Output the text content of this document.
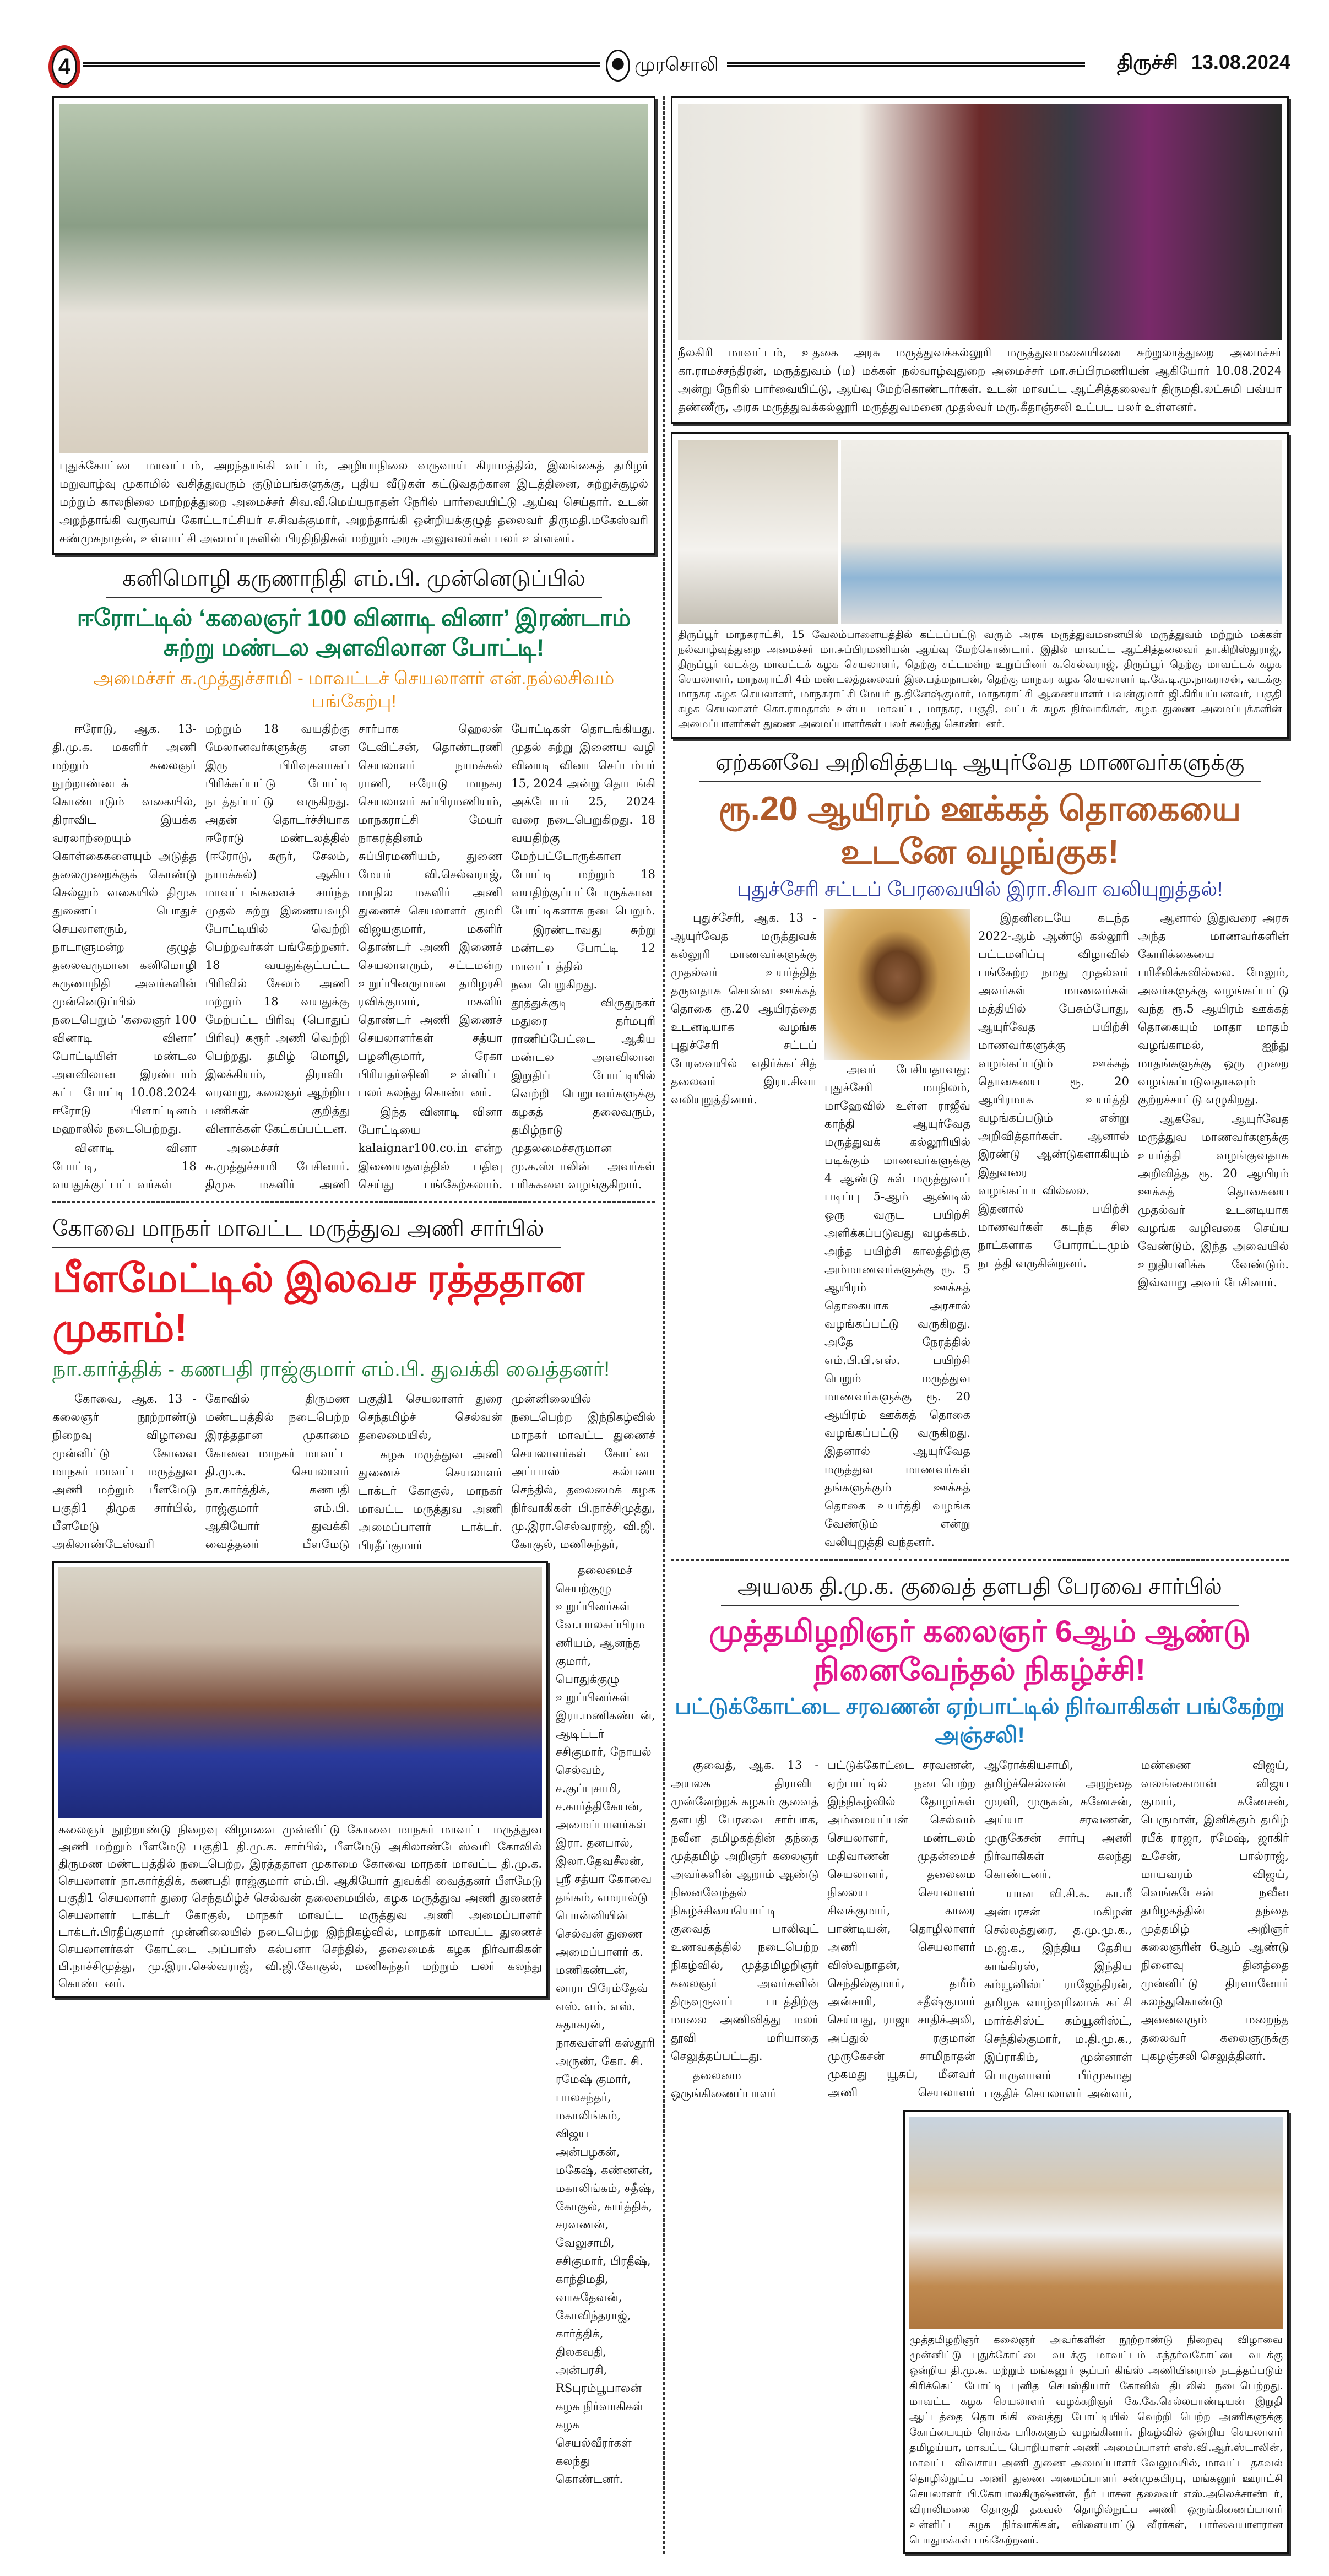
4	முரசொலி	திருச்சி 13.08.2024
புதுக்கோட்டை மாவட்டம், அறந்தாங்கி வட்டம், அழியாநிலை வருவாய் கிராமத்தில், இலங்கைத் தமிழர் மறுவாழ்வு முகாமில் வசித்துவரும் குடும்பங்களுக்கு, புதிய வீடுகள் கட்டுவதற்கான இடத்தினை, சுற்றுச்சூழல் மற்றும் காலநிலை மாற்றத்துறை அமைச்சர் சிவ.வீ.மெய்யநாதன் நேரில் பார்வையிட்டு ஆய்வு செய்தார். உடன் அறந்தாங்கி வருவாய் கோட்டாட்சியர் ச.சிவக்குமார், அறந்தாங்கி ஒன்றியக்குழுத் தலைவர் திருமதி.மகேஸ்வரி சண்முகநாதன், உள்ளாட்சி அமைப்புகளின் பிரதிநிதிகள் மற்றும் அரசு அலுவலர்கள் பலர் உள்ளனர்.
கனிமொழி கருணாநிதி எம்.பி. முன்னெடுப்பில்
ஈரோட்டில் ‘கலைஞர் 100 வினாடி வினா’ இரண்டாம் சுற்று மண்டல அளவிலான போட்டி!
அமைச்சர் சு.முத்துச்சாமி - மாவட்டச் செயலாளர் என்.நல்லசிவம் பங்கேற்பு!

ஈரோடு, ஆக. 13- தி.மு.க. மகளிர் அணி மற்றும் கலைஞர் நூற்றாண்டைக் கொண்டாடும் வகையில், திராவிட இயக்க வரலாற்றையும் கொள்கைகளையும் அடுத்த தலைமுறைக்குக் கொண்டு செல்லும் வகையில் திமுக துணைப் பொதுச் செயலாளரும், நாடாளுமன்ற குழுத் தலைவருமான கனிமொழி கருணாநிதி அவர்களின் முன்னெடுப்பில் நடைபெறும் ‘கலைஞர் 100 வினாடி வினா’ போட்டியின் மண்டல அளவிலான இரண்டாம் கட்ட போட்டி 10.08.2024 ஈரோடு பிளாட்டினம் மஹாலில் நடைபெற்றது.

வினாடி வினா போட்டி, 18 வயதுக்குட்பட்டவர்கள் மற்றும் 18 வயதிற்கு மேலானவர்களுக்கு என இரு பிரிவுகளாகப் பிரிக்கப்பட்டு போட்டி நடத்தப்பட்டு வருகிறது. அதன் தொடர்ச்சியாக ஈரோடு மண்டலத்தில் (ஈரோடு, கரூர், சேலம், நாமக்கல்) ஆகிய மாவட்டங்களைச் சார்ந்த முதல் சுற்று இணையவழி போட்டியில் வெற்றி பெற்றவர்கள் பங்கேற்றனர். 18 வயதுக்குட்பட்ட பிரிவில் சேலம் அணி மற்றும் 18 வயதுக்கு மேற்பட்ட பிரிவு (பொதுப் பிரிவு) கரூர் அணி வெற்றி பெற்றது. தமிழ் மொழி, இலக்கியம், திராவிட வரலாறு, கலைஞர் ஆற்றிய பணிகள் குறித்து வினாக்கள் கேட்கப்பட்டன.

அமைச்சர் சு.முத்துச்சாமி பேசினார். திமுக மகளிர் அணி சார்பாக ஹெலன் டேவிட்சன், தொண்டரணி செயலாளர் நாமக்கல் ராணி, ஈரோடு மாநகர செயலாளர் சுப்பிரமணியம், மாநகராட்சி மேயர் நாகரத்தினம் சுப்பிரமணியம், துணை மேயர் வி.செல்வராஜ், மாநில மகளிர் அணி துணைச் செயலாளர் குமரி விஜயகுமார், மகளிர் தொண்டர் அணி இணைச் செயலாளரும், சட்டமன்ற உறுப்பினருமான தமிழரசி ரவிக்குமார், மகளிர் தொண்டர் அணி இணைச் செயலாளர்கள் சத்யா பழனிகுமார், ரேகா பிரியதர்ஷினி உள்ளிட்ட பலர் கலந்து கொண்டனர்.

இந்த வினாடி வினா போட்டியை kalaignar100.co.in என்ற இணையதளத்தில் பதிவு செய்து பங்கேற்கலாம். போட்டிகள் தொடங்கியது. முதல் சுற்று இணைய வழி வினாடி வினா செப்டம்பர் 15, 2024 அன்று தொடங்கி அக்டோபர் 25, 2024 வரை நடைபெறுகிறது. 18 வயதிற்கு மேற்பட்டோருக்கான போட்டி மற்றும் 18 வயதிற்குப்பட்டோருக்கான போட்டிகளாக நடைபெறும்.

இரண்டாவது சுற்று மண்டல போட்டி 12 மாவட்டத்தில் நடைபெறுகிறது. தூத்துக்குடி விருதுநகர் மதுரை தர்மபுரி ராணிப்பேட்டை ஆகிய மண்டல அளவிலான இறுதிப் போட்டியில் வெற்றி பெறுபவர்களுக்கு கழகத் தலைவரும், தமிழ்நாடு முதலமைச்சருமான மு.க.ஸ்டாலின் அவர்கள் பரிசுகளை வழங்குகிறார்.

கோவை மாநகர் மாவட்ட மருத்துவ அணி சார்பில்
பீளமேட்டில் இலவச ரத்ததான முகாம்!
நா.கார்த்திக் - கணபதி ராஜ்குமார் எம்.பி. துவக்கி வைத்தனர்!

கோவை, ஆக. 13 - கலைஞர் நூற்றாண்டு நிறைவு விழாவை முன்னிட்டு கோவை மாநகர் மாவட்ட மருத்துவ அணி மற்றும் பீளமேடு பகுதி1 திமுக சார்பில், பீளமேடு அகிலாண்டேஸ்வரி கோவில் திருமண மண்டபத்தில் நடைபெற்ற இரத்ததான முகாமை கோவை மாநகர் மாவட்ட தி.மு.க. செயலாளர் நா.கார்த்திக், கணபதி ராஜ்குமார் எம்.பி. ஆகியோர் துவக்கி வைத்தனர் பீளமேடு பகுதி1 செயலாளர் துரை செந்தமிழ்ச் செல்வன் தலைமையில்,

கழக மருத்துவ அணி துணைச் செயலாளர் டாக்டர் கோகுல், மாநகர் மாவட்ட மருத்துவ அணி அமைப்பாளர் டாக்டர். பிரதீப்குமார் முன்னிலையில் நடைபெற்ற இந்நிகழ்வில் மாநகர் மாவட்ட துணைச் செயலாளர்கள் கோட்டை அப்பாஸ் கல்பனா செந்தில், தலைமைக் கழக நிர்வாகிகள் பி.நாச்சிமுத்து, மு.இரா.செல்வராஜ், வி.ஜி. கோகுல், மணிசுந்தர்,

கலைஞர் நூற்றாண்டு நிறைவு விழாவை முன்னிட்டு கோவை மாநகர் மாவட்ட மருத்துவ அணி மற்றும் பீளமேடு பகுதி1 தி.மு.க. சார்பில், பீளமேடு அகிலாண்டேஸ்வரி கோவில் திருமண மண்டபத்தில் நடைபெற்ற, இரத்ததான முகாமை கோவை மாநகர் மாவட்ட தி.மு.க. செயலாளர் நா.கார்த்திக், கணபதி ராஜ்குமார் எம்.பி. ஆகியோர் துவக்கி வைத்தனர் பீளமேடு பகுதி1 செயலாளர் துரை செந்தமிழ்ச் செல்வன் தலைமையில், கழக மருத்துவ அணி துணைச் செயலாளர் டாக்டர் கோகுல், மாநகர் மாவட்ட மருத்துவ அணி அமைப்பாளர் டாக்டர்.பிரதீப்குமார் முன்னிலையில் நடைபெற்ற இந்நிகழ்வில், மாநகர் மாவட்ட துணைச் செயலாளர்கள் கோட்டை அப்பாஸ் கல்பனா செந்தில், தலைமைக் கழக நிர்வாகிகள் பி.நாச்சிமுத்து, மு.இரா.செல்வராஜ், வி.ஜி.கோகுல், மணிசுந்தர் மற்றும் பலர் கலந்து கொண்டனர்.

தலைமைச் செயற்குழு உறுப்பினர்கள் வே.பாலசுப்பிரமணியம், ஆனந்த குமார், பொதுக்குழு உறுப்பினர்கள் இரா.மணிகண்டன், ஆடிட்டர் சசிகுமார், நோயல் செல்வம், ச.குப்புசாமி, ச.கார்த்திகேயன், அமைப்பாளர்கள் இரா. தனபால், இலா.தேவசீலன், ஸ்ரீ சத்யா கோவை தங்கம், எமரால்டு பொன்னியின் செல்வன் துணை அமைப்பாளர் க. மணிகண்டன், லாரா பிரேம்தேவ் எஸ். எம். எஸ். சுதாகரன், நாகவள்ளி கஸ்தூரி அருண், கோ. சி. ரமேஷ் குமார், பாலசந்தர், மகாலிங்கம், விஜய அன்பழகன், மகேஷ், கண்ணன், மகாலிங்கம், சதீஷ், கோகுல், கார்த்திக், சரவணன், வேலுசாமி, சசிகுமார், பிரதீஷ், காந்திமதி, வாசுதேவன், கோவிந்தராஜ், கார்த்திக், திலகவதி, அன்பரசி, RSபுரம்பூபாலன் கழக நிர்வாகிகள் கழக செயல்வீரர்கள் கலந்து கொண்டனர்.

நீலகிரி மாவட்டம், உதகை அரசு மருத்துவக்கல்லூரி மருத்துவமனையினை சுற்றுலாத்துறை அமைச்சர் கா.ராமச்சந்திரன், மருத்துவம் (ம) மக்கள் நல்வாழ்வுதுறை அமைச்சர் மா.சுப்பிரமணியன் ஆகியோர் 10.08.2024 அன்று நேரில் பார்வையிட்டு, ஆய்வு மேற்கொண்டார்கள். உடன் மாவட்ட ஆட்சித்தலைவர் திருமதி.லட்சுமி பவ்யா தண்ணீரு, அரசு மருத்துவக்கல்லூரி மருத்துவமனை முதல்வர் மரு.கீதாஞ்சலி உட்பட பலர் உள்ளனர்.
திருப்பூர் மாநகராட்சி, 15 வேலம்பாளையத்தில் கட்டப்பட்டு வரும் அரசு மருத்துவமனையில் மருத்துவம் மற்றும் மக்கள் நல்வாழ்வுத்துறை அமைச்சர் மா.சுப்பிரமணியன் ஆய்வு மேற்கொண்டார். இதில் மாவட்ட ஆட்சித்தலைவர் தா.கிறிஸ்துராஜ், திருப்பூர் வடக்கு மாவட்டக் கழக செயலாளர், தெற்கு சட்டமன்ற உறுப்பினர் க.செல்வராஜ், திருப்பூர் தெற்கு மாவட்டக் கழக செயலாளர், மாநகராட்சி 4ம் மண்டலத்தலைவர் இல.பத்மநாபன், தெற்கு மாநகர கழக செயலாளர் டி.கே.டி.மு.நாகராசன், வடக்கு மாநகர கழக செயலாளர், மாநகராட்சி மேயர் ந.தினேஷ்குமார், மாநகராட்சி ஆணையாளர் பவன்குமார் ஜி.கிரியப்பனவர், பகுதி கழக செயலாளர் கொ.ராமதாஸ் உள்பட மாவட்ட, மாநகர, பகுதி, வட்டக் கழக நிர்வாகிகள், கழக துணை அமைப்புக்களின் அமைப்பாளர்கள் துணை அமைப்பாளர்கள் பலர் கலந்து கொண்டனர்.
ஏற்கனவே அறிவித்தபடி ஆயுர்வேத மாணவர்களுக்கு
ரூ.20 ஆயிரம் ஊக்கத் தொகையை உடனே வழங்குக!
புதுச்சேரி சட்டப் பேரவையில் இரா.சிவா வலியுறுத்தல்!

புதுச்சேரி, ஆக. 13 - ஆயுர்வேத மருத்துவக் கல்லூரி மாணவர்களுக்கு முதல்வர் உயர்த்தித் தருவதாக சொன்ன ஊக்கத் தொகை ரூ.20 ஆயிரத்தை உடனடியாக வழங்க புதுச்சேரி சட்டப் பேரவையில் எதிர்க்கட்சித் தலைவர் இரா.சிவா வலியுறுத்தினார்.

அவர் பேசியதாவது: புதுச்சேரி மாநிலம், மாஹேவில் உள்ள ராஜீவ் காந்தி ஆயுர்வேத மருத்துவக் கல்லூரியில் படிக்கும் மாணவர்களுக்கு 4 ஆண்டு கள் மருத்துவப் படிப்பு 5-ஆம் ஆண்டில் ஒரு வருட பயிற்சி அளிக்கப்படுவது வழக்கம். அந்த பயிற்சி காலத்திற்கு அம்மாணவர்களுக்கு ரூ. 5 ஆயிரம் ஊக்கத் தொகையாக அரசால் வழங்கப்பட்டு வருகிறது. அதே நேரத்தில் எம்.பி.பி.எஸ். பயிற்சி பெறும் மருத்துவ மாணவர்களுக்கு ரூ. 20 ஆயிரம் ஊக்கத் தொகை வழங்கப்பட்டு வருகிறது. இதனால் ஆயுர்வேத மருத்துவ மாணவர்கள் தங்களுக்கும் ஊக்கத் தொகை உயர்த்தி வழங்க வேண்டும் என்று வலியுறுத்தி வந்தனர்.

இதனிடையே கடந்த 2022-ஆம் ஆண்டு கல்லூரி பட்டமளிப்பு விழாவில் பங்கேற்ற நமது முதல்வர் அவர்கள் மாணவர்கள் மத்தியில் பேசும்போது, ஆயுர்வேத பயிற்சி மாணவர்களுக்கு வழங்கப்படும் ஊக்கத் தொகையை ரூ. 20 ஆயிரமாக உயர்த்தி வழங்கப்படும் என்று அறிவித்தார்கள். ஆனால் இரண்டு ஆண்டுகளாகியும் இதுவரை வழங்கப்படவில்லை. இதனால் பயிற்சி மாணவர்கள் கடந்த சில நாட்களாக போராட்டமும் நடத்தி வருகின்றனர்.

ஆனால் இதுவரை அரசு அந்த மாணவர்களின் கோரிக்கையை பரிசீலிக்கவில்லை. மேலும், அவர்களுக்கு வழங்கப்பட்டு வந்த ரூ.5 ஆயிரம் ஊக்கத் தொகையும் மாதா மாதம் வழங்காமல், ஐந்து மாதங்களுக்கு ஒரு முறை வழங்கப்படுவதாகவும் குற்றச்சாட்டு எழுகிறது.

ஆகவே, ஆயுர்வேத மருத்துவ மாணவர்களுக்கு உயர்த்தி வழங்குவதாக அறிவித்த ரூ. 20 ஆயிரம் ஊக்கத் தொகையை முதல்வர் உடனடியாக வழங்க வழிவகை செய்ய வேண்டும். இந்த அவையில் உறுதியளிக்க வேண்டும். இவ்வாறு அவர் பேசினார்.

அயலக தி.மு.க. குவைத் தளபதி பேரவை சார்பில்
முத்தமிழறிஞர் கலைஞர் 6ஆம் ஆண்டு நினைவேந்தல் நிகழ்ச்சி!
பட்டுக்கோட்டை சரவணன் ஏற்பாட்டில் நிர்வாகிகள் பங்கேற்று அஞ்சலி!

குவைத், ஆக. 13 - அயலக திராவிட முன்னேற்றக் கழகம் குவைத் தளபதி பேரவை சார்பாக, நவீன தமிழகத்தின் தந்தை முத்தமிழ் அறிஞர் கலைஞர் அவர்களின் ஆறாம் ஆண்டு நினைவேந்தல் நிகழ்ச்சியையொட்டி குவைத் பாலிவுட் உணவகத்தில் நடைபெற்ற நிகழ்வில், முத்தமிழறிஞர் கலைஞர் அவர்களின் திருவுருவப் படத்திற்கு மாலை அணிவித்து மலர் தூவி மரியாதை செலுத்தப்பட்டது.

தலைமை ஒருங்கிணைப்பாளர் பட்டுக்கோட்டை சரவணன், ஏற்பாட்டில் நடைபெற்ற இந்நிகழ்வில் தோழர்கள் அம்மையப்பன் செல்வம் செயலாளர், மண்டலம் மதிவாணன் முதன்மைச் செயலாளர், தலைமை நிலைய செயலாளர் சிவக்குமார், காரை பாண்டியன், தொழிலாளர் அணி செயலாளர் விஸ்வநாதன், செந்தில்குமார், தமீம் அன்சாரி, சதீஷ்குமார் செய்யது, ராஜா சாதிக்அலி, அப்துல் ரகுமான் முருகேசன் சாமிநாதன் முகமது யூசுப், மீனவர் அணி செயலாளர் ஆரோக்கியசாமி, தமிழ்ச்செல்வன் அறந்தை முரளி, முருகன், கணேசன், அய்யா சரவணன், முருகேசன் சார்பு அணி நிர்வாகிகள் கலந்து கொண்டனர்.

யான வி.சி.க. கா.மீ அன்பரசன் மகிழன் செல்லத்துரை, த.மு.மு.க., ம.ஜ.க., இந்திய தேசிய காங்கிரஸ், இந்திய கம்யூனிஸ்ட் ராஜேந்திரன், தமிழக வாழ்வுரிமைக் கட்சி மார்க்சிஸ்ட் கம்யூனிஸ்ட், செந்தில்குமார், ம.தி.மு.க., இப்ராகிம், முன்னாள் பொருளாளர் பீர்முகமது பகுதிச் செயலாளர் அன்வர், மண்ணை விஜய், வலங்கைமான் விஜய குமார், கணேசன், பெருமாள், இனிக்கும் தமிழ் ரபீக் ராஜா, ரமேஷ், ஜாகிர் உசேன், பால்ராஜ், மாயவரம் விஜய், வெங்கடேசன் நவீன தமிழகத்தின் தந்தை முத்தமிழ் அறிஞர் கலைஞரின் 6ஆம் ஆண்டு நினைவு தினத்தை முன்னிட்டு திரளானோர் கலந்துகொண்டு அனைவரும் மறைந்த தலைவர் கலைஞருக்கு புகழஞ்சலி செலுத்தினர்.

முத்தமிழறிஞர் கலைஞர் அவர்களின் நூற்றாண்டு நிறைவு விழாவை முன்னிட்டு புதுக்கோட்டை வடக்கு மாவட்டம் கந்தர்வகோட்டை வடக்கு ஒன்றிய தி.மு.க. மற்றும் மங்கனூர் சூப்பர் கிங்ஸ் அணியினரால் நடத்தப்படும் கிரிக்கெட் போட்டி புனித செபஸ்தியார் கோவில் திடலில் நடைபெற்றது. மாவட்ட கழக செயலாளர் வழக்கறிஞர் கே.கே.செல்லபாண்டியன் இறுதி ஆட்டத்தை தொடங்கி வைத்து போட்டியில் வெற்றி பெற்ற அணிகளுக்கு கோப்பையும் ரொக்க பரிசுகளும் வழங்கினார். நிகழ்வில் ஒன்றிய செயலாளர் தமிழய்யா, மாவட்ட பொறியாளர் அணி அமைப்பாளர் எஸ்.வி.ஆர்.ஸ்டாலின், மாவட்ட விவசாய அணி துணை அமைப்பாளர் வேலுமயில், மாவட்ட தகவல் தொழில்நுட்ப அணி துணை அமைப்பாளர் சண்முகபிரபு, மங்கனூர் ஊராட்சி செயலாளர் பி.கோபாலகிருஷ்ணன், நீர் பாசன தலைவர் எஸ்.அலெக்சாண்டர், விராலிமலை தொகுதி தகவல் தொழில்நுட்ப அணி ஒருங்கிணைப்பாளர் உள்ளிட்ட கழக நிர்வாகிகள், விளையாட்டு வீரர்கள், பார்வையாளரான பொதுமக்கள் பங்கேற்றனர்.
